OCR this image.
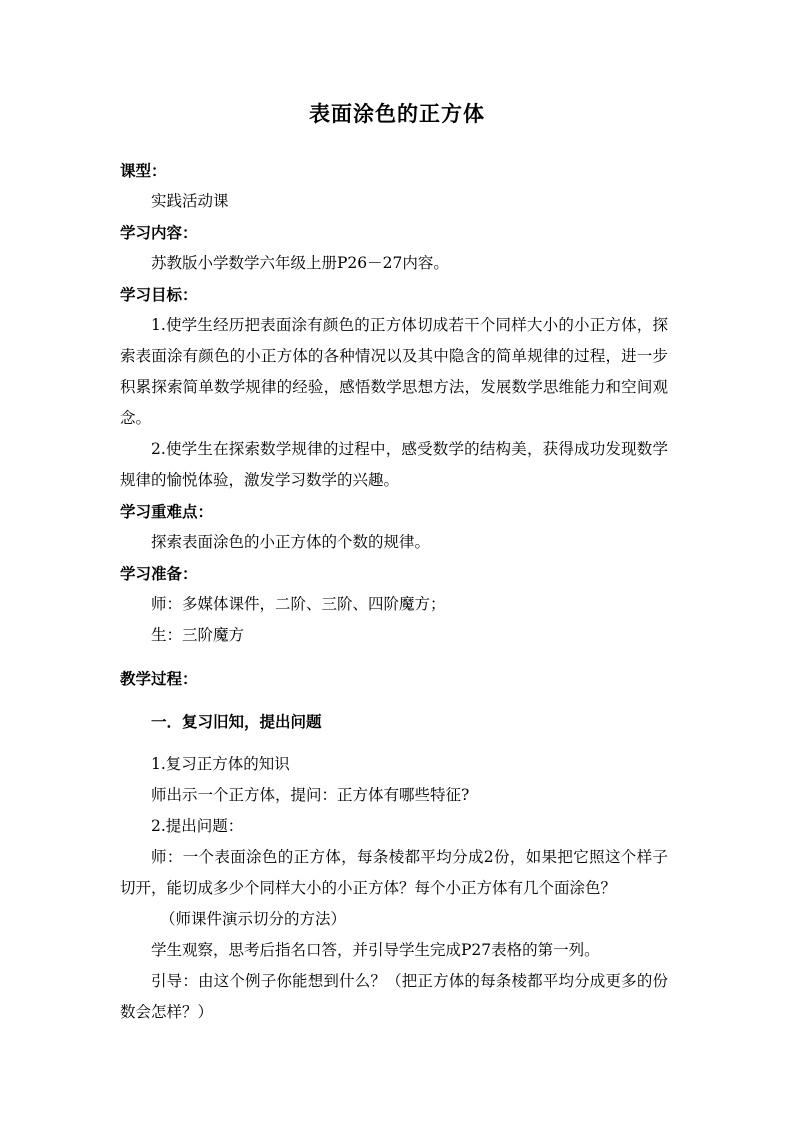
表面涂色的正方体
课型：

实践活动课

学习内容：

苏教版小学数学六年级上册P26－27内容。

学习目标：

1.使学生经历把表面涂有颜色的正方体切成若干个同样大小的小正方体，探索表面涂有颜色的小正方体的各种情况以及其中隐含的简单规律的过程，进一步积累探索简单数学规律的经验，感悟数学思想方法，发展数学思维能力和空间观念。

2.使学生在探索数学规律的过程中，感受数学的结构美，获得成功发现数学规律的愉悦体验，激发学习数学的兴趣。

学习重难点：

探索表面涂色的小正方体的个数的规律。

学习准备：

师：多媒体课件，二阶、三阶、四阶魔方；

生：三阶魔方

教学过程：
一．复习旧知，提出问题

1.复习正方体的知识

师出示一个正方体，提问：正方体有哪些特征?

2.提出问题：

师：一个表面涂色的正方体，每条棱都平均分成2份，如果把它照这个样子切开，能切成多少个同样大小的小正方体？每个小正方体有几个面涂色？

（师课件演示切分的方法）

学生观察，思考后指名口答，并引导学生完成P27表格的第一列。

引导：由这个例子你能想到什么？（把正方体的每条棱都平均分成更多的份数会怎样？）
